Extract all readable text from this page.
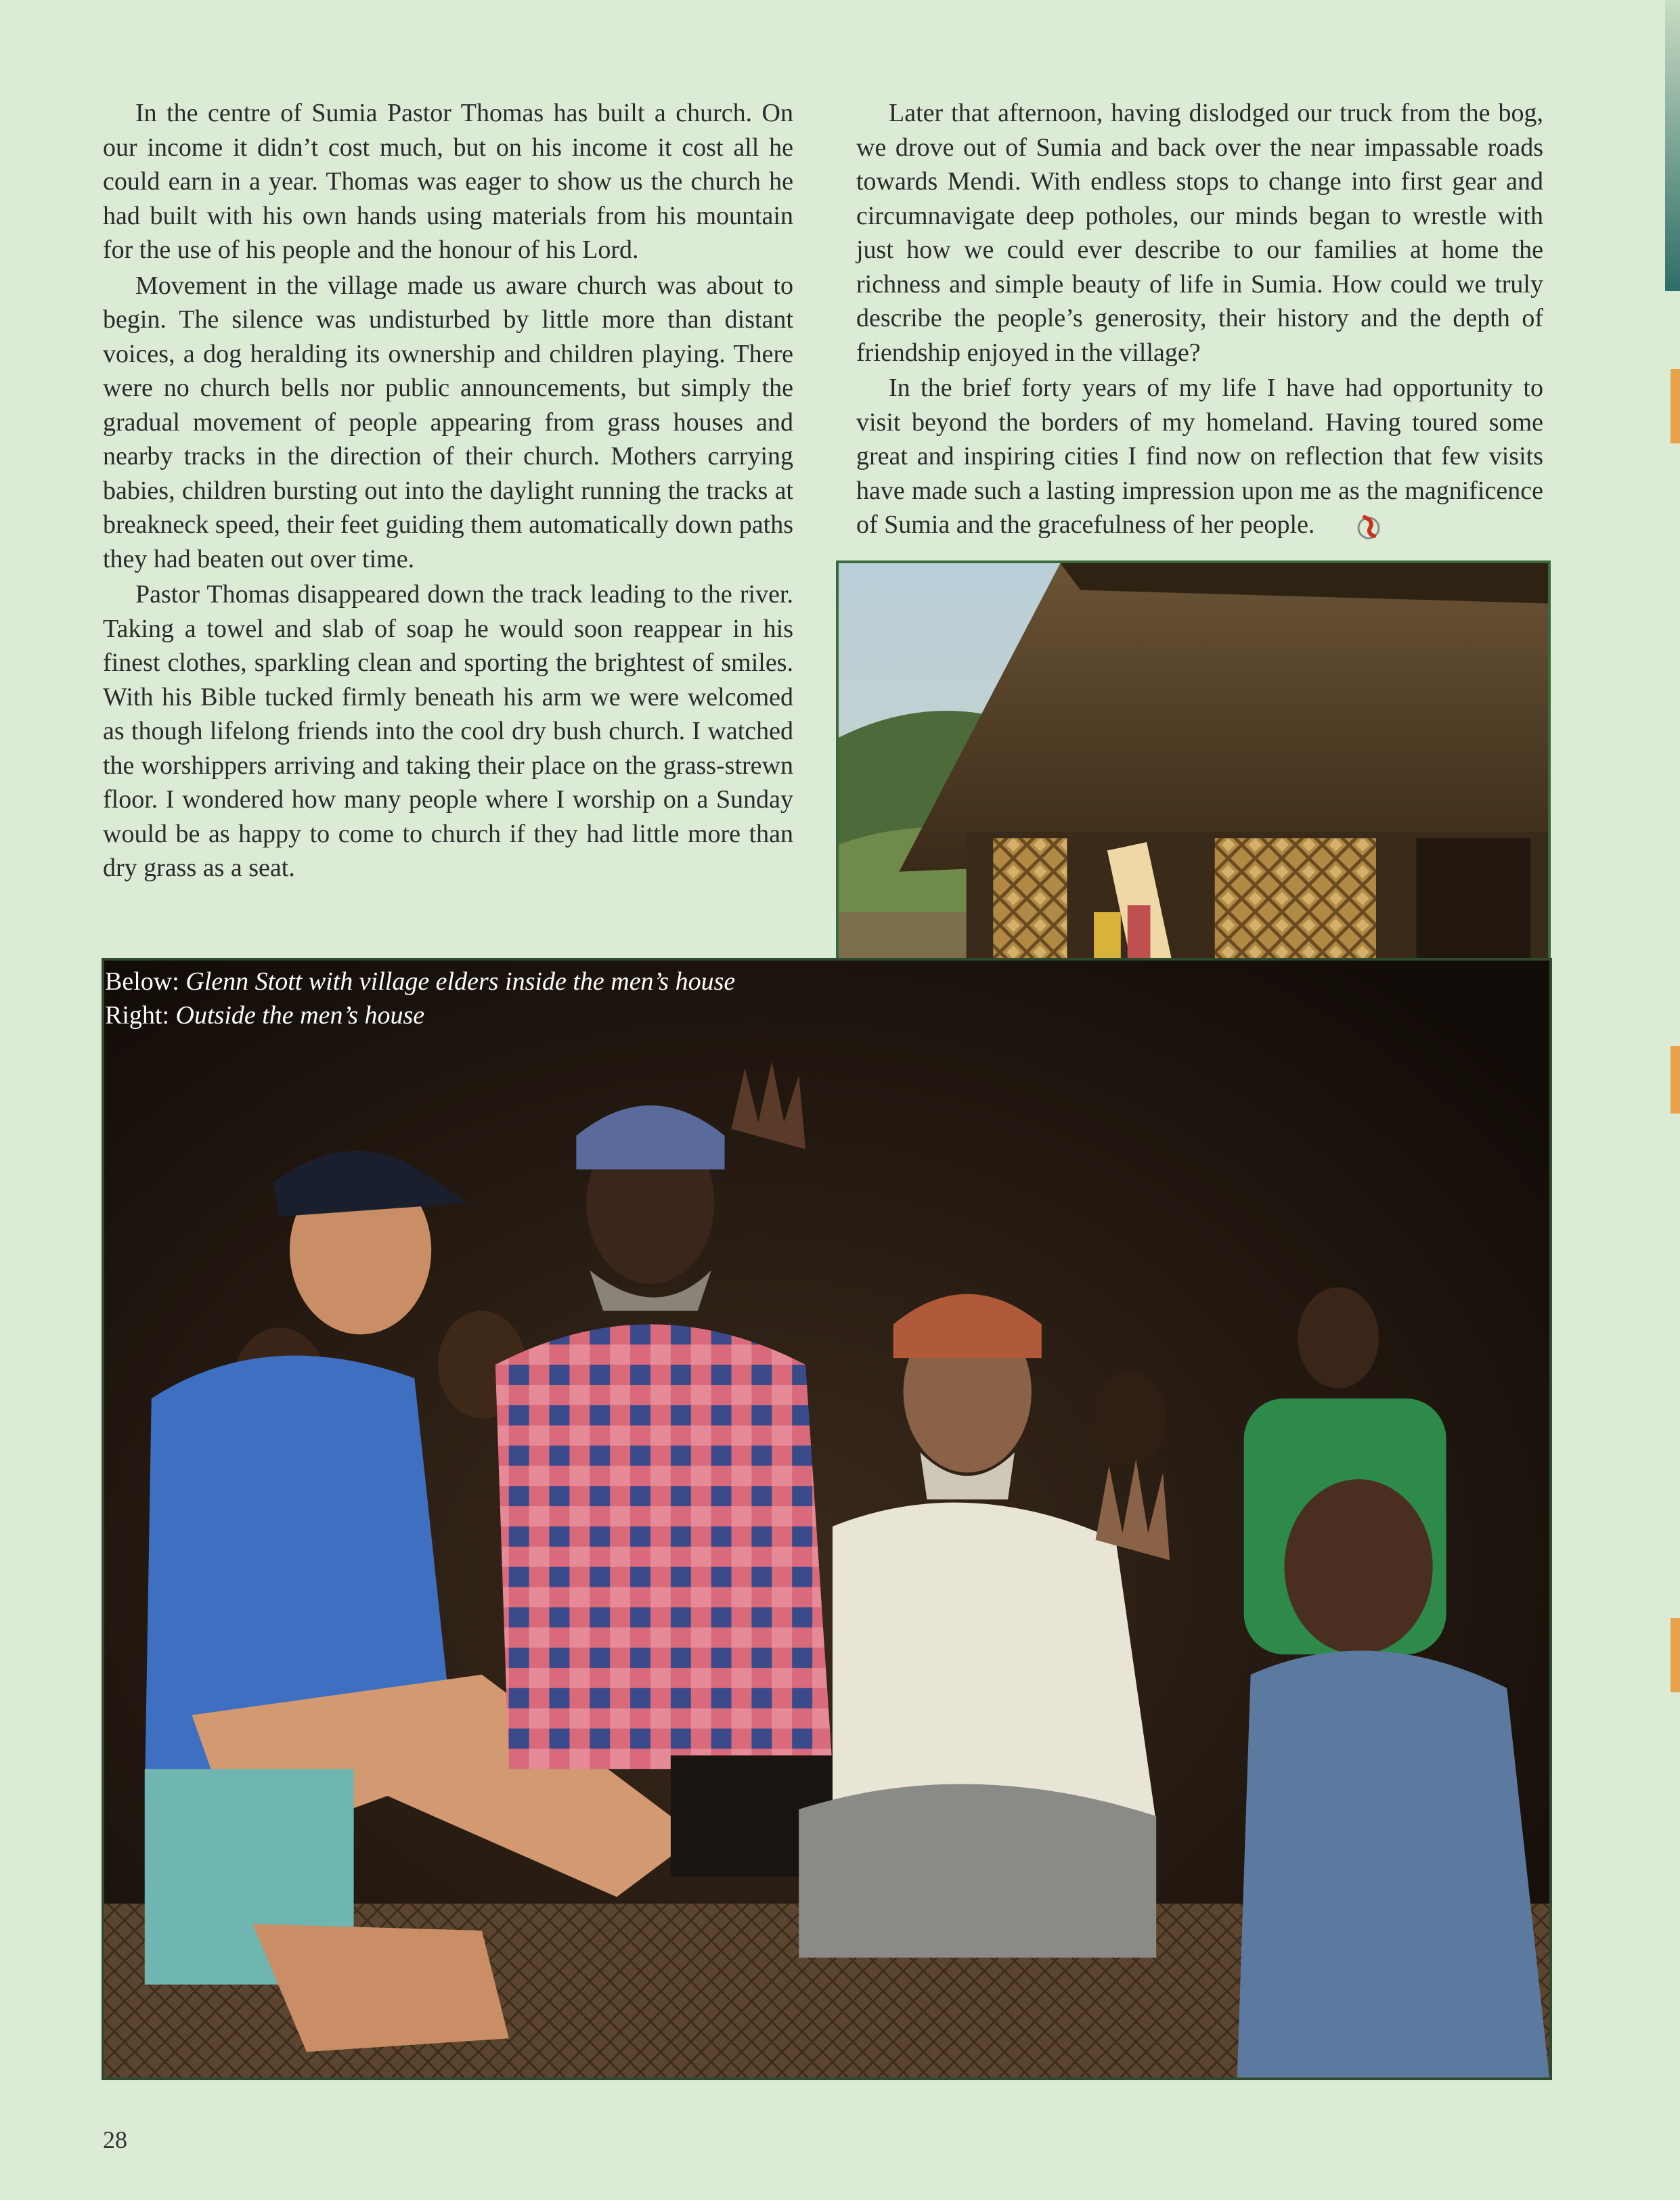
In the centre of Sumia Pastor Thomas has built a church. On our income it didn’t cost much, but on his income it cost all he could earn in a year. Thomas was eager to show us the church he had built with his own hands using materials from his mountain for the use of his people and the honour of his Lord.

Movement in the village made us aware church was about to begin. The silence was undisturbed by little more than distant voices, a dog heralding its ownership and children playing. There were no church bells nor public announcements, but simply the gradual movement of people appearing from grass houses and nearby tracks in the direction of their church. Mothers carrying babies, children bursting out into the daylight running the tracks at breakneck speed, their feet guiding them automatically down paths they had beaten out over time.

Pastor Thomas disappeared down the track leading to the river. Taking a towel and slab of soap he would soon reappear in his finest clothes, sparkling clean and sporting the brightest of smiles. With his Bible tucked firmly beneath his arm we were welcomed as though lifelong friends into the cool dry bush church. I watched the worshippers arriving and taking their place on the grass-strewn floor. I wondered how many people where I worship on a Sunday would be as happy to come to church if they had little more than dry grass as a seat.

Later that afternoon, having dislodged our truck from the bog, we drove out of Sumia and back over the near impassable roads towards Mendi. With endless stops to change into first gear and circumnavigate deep potholes, our minds began to wrestle with just how we could ever describe to our families at home the richness and simple beauty of life in Sumia. How could we truly describe the people’s generosity, their history and the depth of friendship enjoyed in the village?

In the brief forty years of my life I have had opportunity to visit beyond the borders of my homeland. Having toured some great and inspiring cities I find now on reflection that few visits have made such a lasting impression upon me as the magnificence of Sumia and the gracefulness of her people.

Below: Glenn Stott with village elders inside the men’s house
Right: Outside the men’s house
28
